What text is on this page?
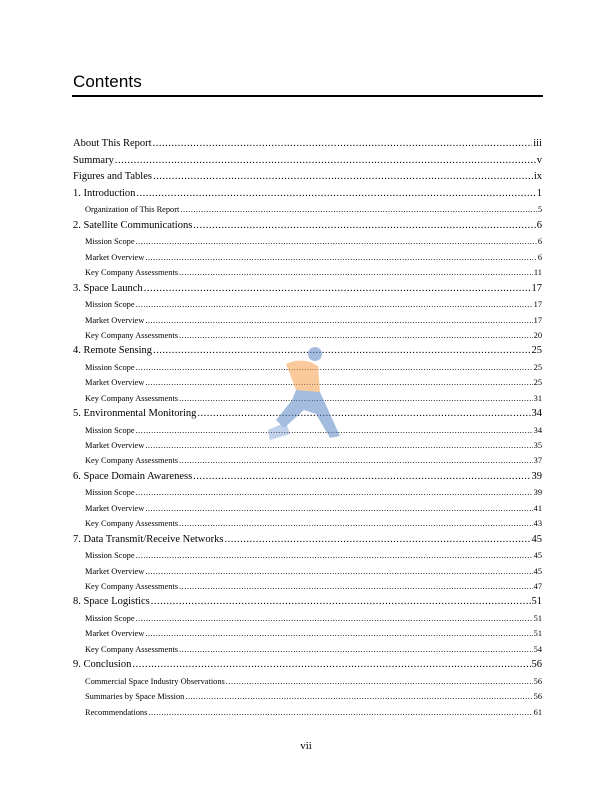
Contents
About This Report .....	iii
Summary .....	v
Figures and Tables .....	ix
1. Introduction .....	1
Organization of This Report .....	5
2. Satellite Communications .....	6
Mission Scope .....	6
Market Overview .....	6
Key Company Assessments .....	11
3. Space Launch .....	17
Mission Scope .....	17
Market Overview .....	17
Key Company Assessments .....	20
4. Remote Sensing .....	25
Mission Scope .....	25
Market Overview .....	25
Key Company Assessments .....	31
5. Environmental Monitoring .....	34
Mission Scope .....	34
Market Overview .....	35
Key Company Assessments .....	37
6. Space Domain Awareness .....	39
Mission Scope .....	39
Market Overview .....	41
Key Company Assessments .....	43
7. Data Transmit/Receive Networks .....	45
Mission Scope .....	45
Market Overview .....	45
Key Company Assessments .....	47
8. Space Logistics .....	51
Mission Scope .....	51
Market Overview .....	51
Key Company Assessments .....	54
9. Conclusion .....	56
Commercial Space Industry Observations .....	56
Summaries by Space Mission .....	56
Recommendations .....	61
vii
